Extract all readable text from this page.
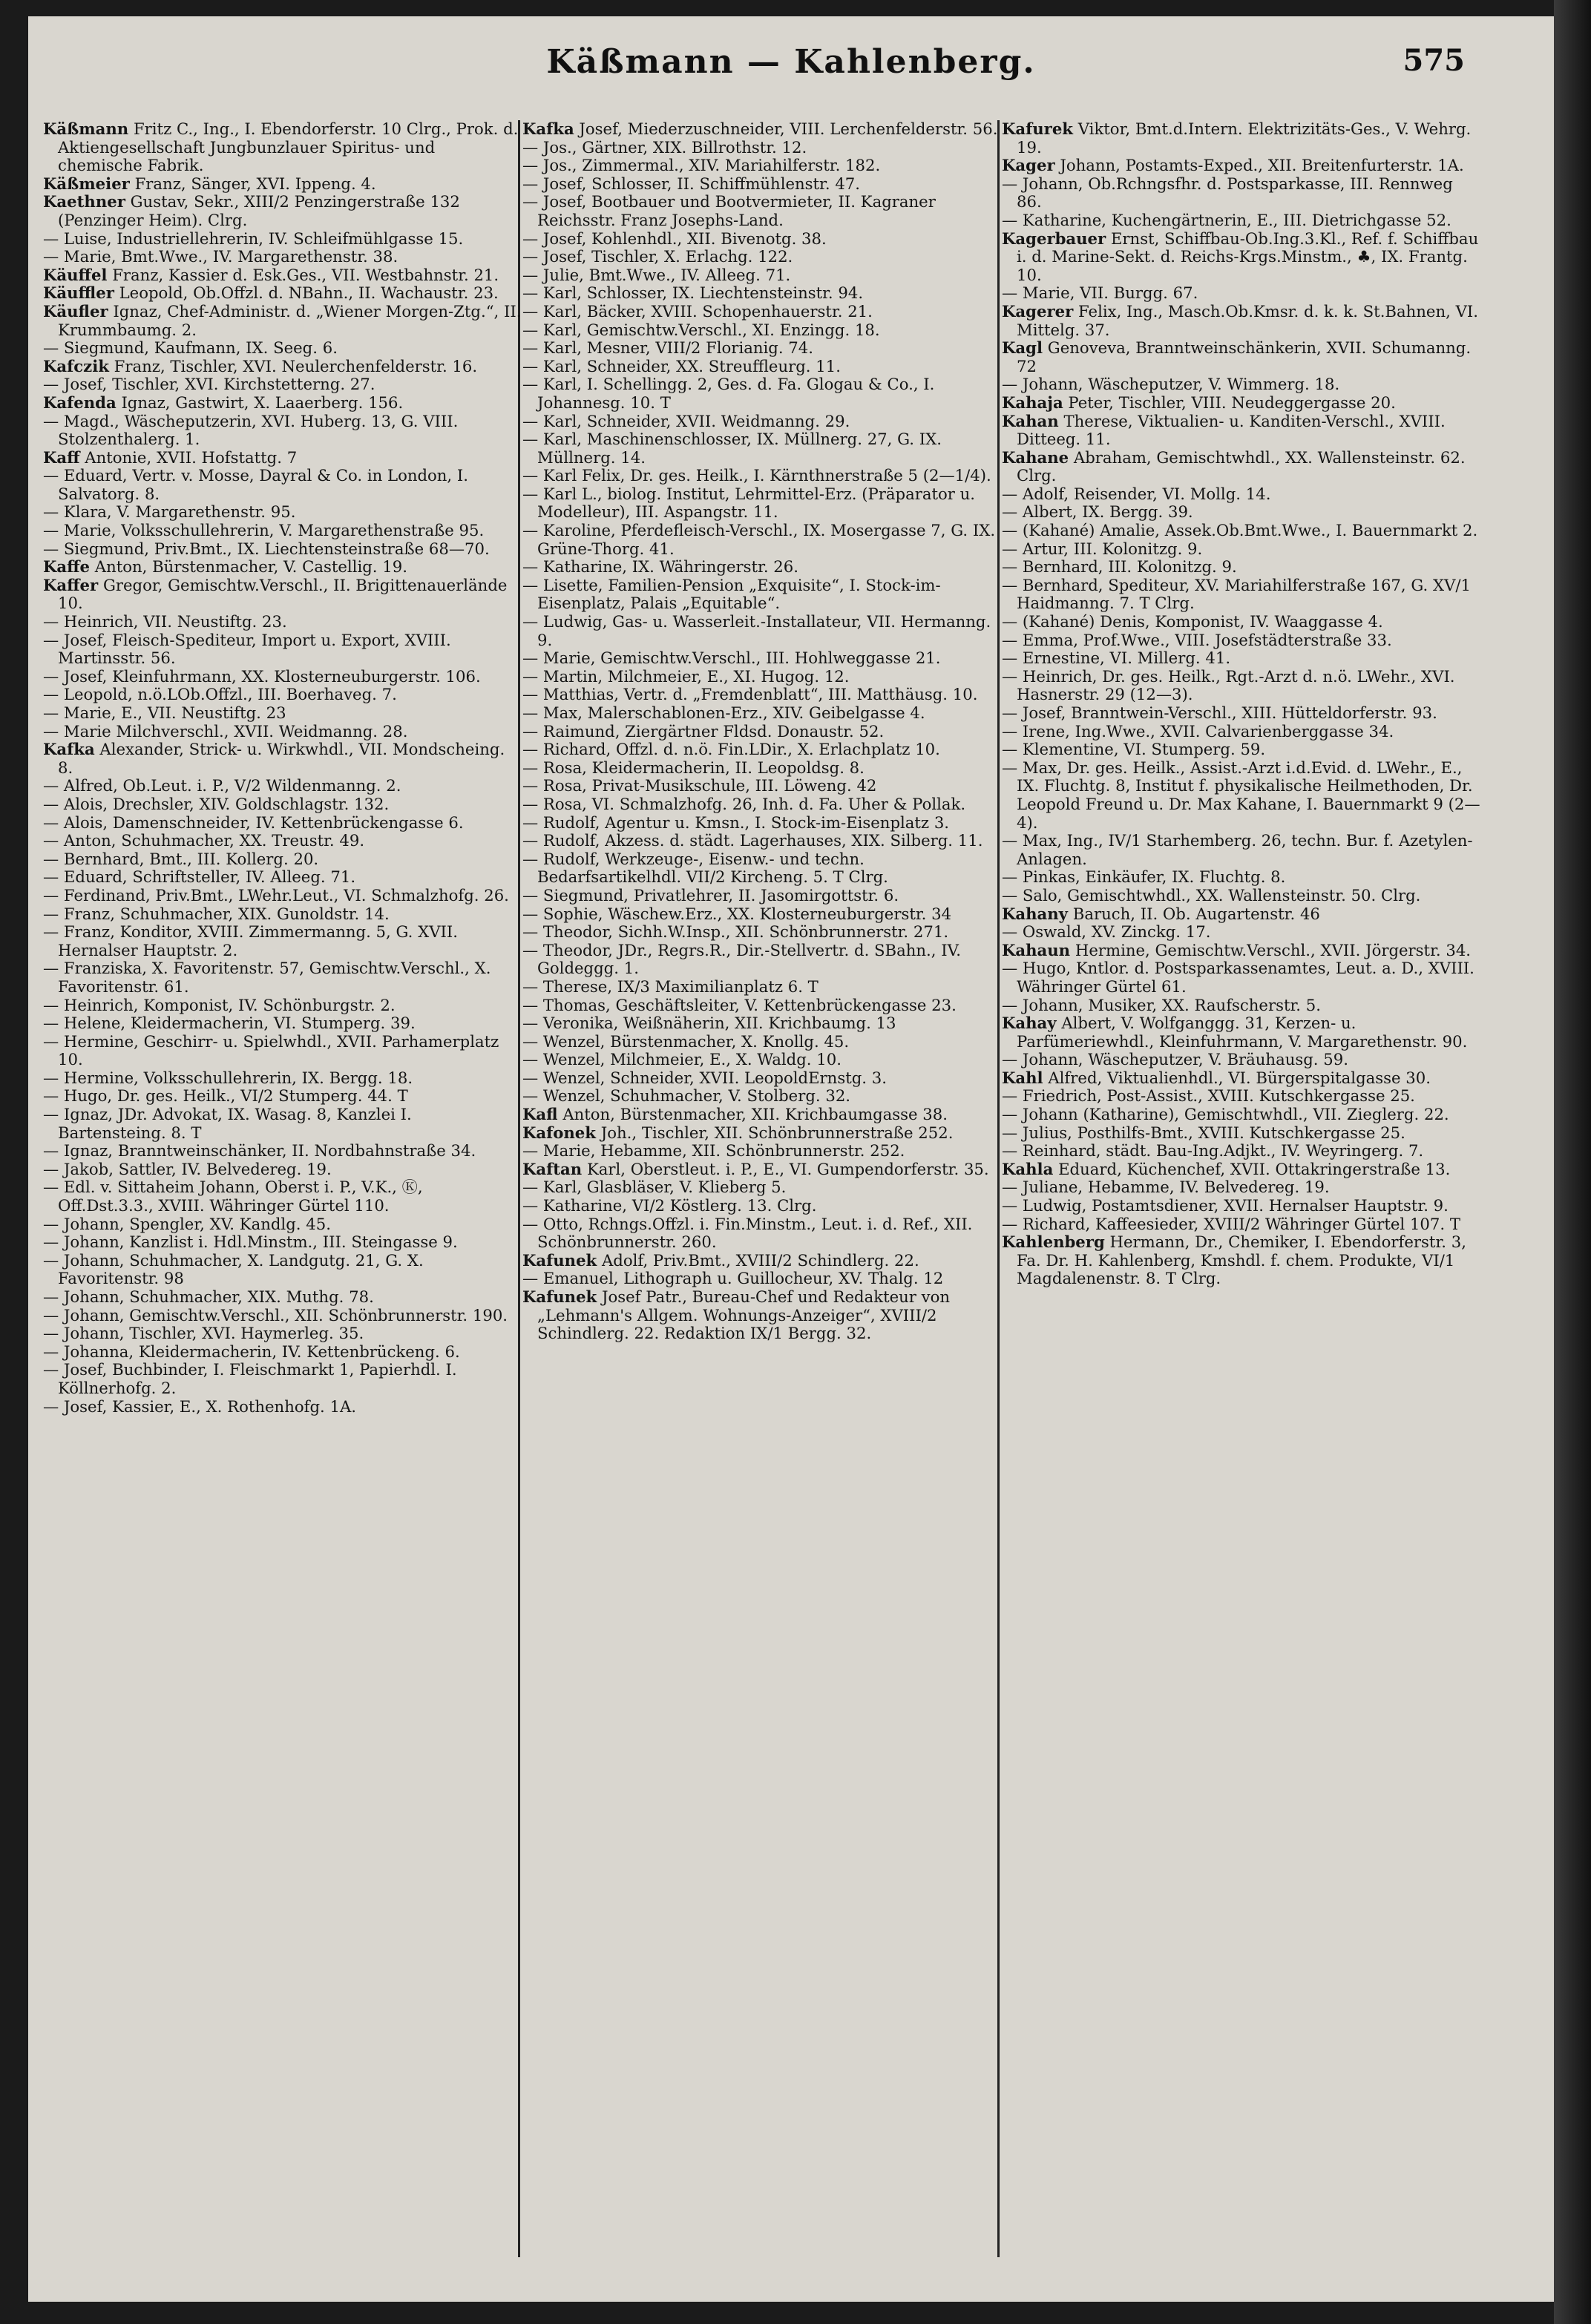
Käßmann — Kahlenberg.	575

Käßmann Fritz C., Ing., I. Ebendorferstr. 10 Clrg., Prok. d. Aktiengesellschaft Jungbunzlauer Spiritus- und chemische Fabrik.

Käßmeier Franz, Sänger, XVI. Ippeng. 4.

Kaethner Gustav, Sekr., XIII/2 Penzingerstraße 132 (Penzinger Heim). Clrg.

— Luise, Industriellehrerin, IV. Schleifmühlgasse 15.

— Marie, Bmt.Wwe., IV. Margarethenstr. 38.

Käuffel Franz, Kassier d. Esk.Ges., VII. Westbahnstr. 21.

Käuffler Leopold, Ob.Offzl. d. NBahn., II. Wachaustr. 23.

Käufler Ignaz, Chef-Administr. d. „Wiener Morgen-Ztg.“, II. Krummbaumg. 2.

— Siegmund, Kaufmann, IX. Seeg. 6.

Kafczik Franz, Tischler, XVI. Neulerchenfelderstr. 16.

— Josef, Tischler, XVI. Kirchstetterng. 27.

Kafenda Ignaz, Gastwirt, X. Laaerberg. 156.

— Magd., Wäscheputzerin, XVI. Huberg. 13, G. VIII. Stolzenthalerg. 1.

Kaff Antonie, XVII. Hofstattg. 7

— Eduard, Vertr. v. Mosse, Dayral & Co. in London, I. Salvatorg. 8.

— Klara, V. Margarethenstr. 95.

— Marie, Volksschullehrerin, V. Margarethenstraße 95.

— Siegmund, Priv.Bmt., IX. Liechtensteinstraße 68—70.

Kaffe Anton, Bürstenmacher, V. Castellig. 19.

Kaffer Gregor, Gemischtw.Verschl., II. Brigittenauerlände 10.

— Heinrich, VII. Neustiftg. 23.

— Josef, Fleisch-Spediteur, Import u. Export, XVIII. Martinsstr. 56.

— Josef, Kleinfuhrmann, XX. Klosterneuburgerstr. 106.

— Leopold, n.ö.LOb.Offzl., III. Boerhaveg. 7.

— Marie, E., VII. Neustiftg. 23

— Marie Milchverschl., XVII. Weidmanng. 28.

Kafka Alexander, Strick- u. Wirkwhdl., VII. Mondscheing. 8.

— Alfred, Ob.Leut. i. P., V/2 Wildenmanng. 2.

— Alois, Drechsler, XIV. Goldschlagstr. 132.

— Alois, Damenschneider, IV. Kettenbrückengasse 6.

— Anton, Schuhmacher, XX. Treustr. 49.

— Bernhard, Bmt., III. Kollerg. 20.

— Eduard, Schriftsteller, IV. Alleeg. 71.

— Ferdinand, Priv.Bmt., LWehr.Leut., VI. Schmalzhofg. 26.

— Franz, Schuhmacher, XIX. Gunoldstr. 14.

— Franz, Konditor, XVIII. Zimmermanng. 5, G. XVII. Hernalser Hauptstr. 2.

— Franziska, X. Favoritenstr. 57, Gemischtw.Verschl., X. Favoritenstr. 61.

— Heinrich, Komponist, IV. Schönburgstr. 2.

— Helene, Kleidermacherin, VI. Stumperg. 39.

— Hermine, Geschirr- u. Spielwhdl., XVII. Parhamerplatz 10.

— Hermine, Volksschullehrerin, IX. Bergg. 18.

— Hugo, Dr. ges. Heilk., VI/2 Stumperg. 44. T

— Ignaz, JDr. Advokat, IX. Wasag. 8, Kanzlei I. Bartensteing. 8. T

— Ignaz, Branntweinschänker, II. Nordbahnstraße 34.

— Jakob, Sattler, IV. Belvedereg. 19.

— Edl. v. Sittaheim Johann, Oberst i. P., V.K., Ⓚ, Off.Dst.3.3., XVIII. Währinger Gürtel 110.

— Johann, Spengler, XV. Kandlg. 45.

— Johann, Kanzlist i. Hdl.Minstm., III. Steingasse 9.

— Johann, Schuhmacher, X. Landgutg. 21, G. X. Favoritenstr. 98

— Johann, Schuhmacher, XIX. Muthg. 78.

— Johann, Gemischtw.Verschl., XII. Schönbrunnerstr. 190.

— Johann, Tischler, XVI. Haymerleg. 35.

— Johanna, Kleidermacherin, IV. Kettenbrückeng. 6.

— Josef, Buchbinder, I. Fleischmarkt 1, Papierhdl. I. Köllnerhofg. 2.

— Josef, Kassier, E., X. Rothenhofg. 1A.

Kafka Josef, Miederzuschneider, VIII. Lerchenfelderstr. 56.

— Jos., Gärtner, XIX. Billrothstr. 12.

— Jos., Zimmermal., XIV. Mariahilferstr. 182.

— Josef, Schlosser, II. Schiffmühlenstr. 47.

— Josef, Bootbauer und Bootvermieter, II. Kagraner Reichsstr. Franz Josephs-Land.

— Josef, Kohlenhdl., XII. Bivenotg. 38.

— Josef, Tischler, X. Erlachg. 122.

— Julie, Bmt.Wwe., IV. Alleeg. 71.

— Karl, Schlosser, IX. Liechtensteinstr. 94.

— Karl, Bäcker, XVIII. Schopenhauerstr. 21.

— Karl, Gemischtw.Verschl., XI. Enzingg. 18.

— Karl, Mesner, VIII/2 Florianig. 74.

— Karl, Schneider, XX. Streuffleurg. 11.

— Karl, I. Schellingg. 2, Ges. d. Fa. Glogau & Co., I. Johannesg. 10. T

— Karl, Schneider, XVII. Weidmanng. 29.

— Karl, Maschinenschlosser, IX. Müllnerg. 27, G. IX. Müllnerg. 14.

— Karl Felix, Dr. ges. Heilk., I. Kärnthnerstraße 5 (2—1/4).

— Karl L., biolog. Institut, Lehrmittel-Erz. (Präparator u. Modelleur), III. Aspangstr. 11.

— Karoline, Pferdefleisch-Verschl., IX. Mosergasse 7, G. IX. Grüne-Thorg. 41.

— Katharine, IX. Währingerstr. 26.

— Lisette, Familien-Pension „Exquisite“, I. Stock-im-Eisenplatz, Palais „Equitable“.

— Ludwig, Gas- u. Wasserleit.-Installateur, VII. Hermanng. 9.

— Marie, Gemischtw.Verschl., III. Hohlweggasse 21.

— Martin, Milchmeier, E., XI. Hugog. 12.

— Matthias, Vertr. d. „Fremdenblatt“, III. Matthäusg. 10.

— Max, Malerschablonen-Erz., XIV. Geibelgasse 4.

— Raimund, Ziergärtner Fldsd. Donaustr. 52.

— Richard, Offzl. d. n.ö. Fin.LDir., X. Erlachplatz 10.

— Rosa, Kleidermacherin, II. Leopoldsg. 8.

— Rosa, Privat-Musikschule, III. Löweng. 42

— Rosa, VI. Schmalzhofg. 26, Inh. d. Fa. Uher & Pollak.

— Rudolf, Agentur u. Kmsn., I. Stock-im-Eisenplatz 3.

— Rudolf, Akzess. d. städt. Lagerhauses, XIX. Silberg. 11.

— Rudolf, Werkzeuge-, Eisenw.- und techn. Bedarfsartikelhdl. VII/2 Kircheng. 5. T Clrg.

— Siegmund, Privatlehrer, II. Jasomirgottstr. 6.

— Sophie, Wäschew.Erz., XX. Klosterneuburgerstr. 34

— Theodor, Sichh.W.Insp., XII. Schönbrunnerstr. 271.

— Theodor, JDr., Regrs.R., Dir.-Stellvertr. d. SBahn., IV. Goldeggg. 1.

— Therese, IX/3 Maximilianplatz 6. T

— Thomas, Geschäftsleiter, V. Kettenbrückengasse 23.

— Veronika, Weißnäherin, XII. Krichbaumg. 13

— Wenzel, Bürstenmacher, X. Knollg. 45.

— Wenzel, Milchmeier, E., X. Waldg. 10.

— Wenzel, Schneider, XVII. LeopoldErnstg. 3.

— Wenzel, Schuhmacher, V. Stolberg. 32.

Kafl Anton, Bürstenmacher, XII. Krichbaumgasse 38.

Kafonek Joh., Tischler, XII. Schönbrunnerstraße 252.

— Marie, Hebamme, XII. Schönbrunnerstr. 252.

Kaftan Karl, Oberstleut. i. P., E., VI. Gumpendorferstr. 35.

— Karl, Glasbläser, V. Klieberg 5.

— Katharine, VI/2 Köstlerg. 13. Clrg.

— Otto, Rchngs.Offzl. i. Fin.Minstm., Leut. i. d. Ref., XII. Schönbrunnerstr. 260.

Kafunek Adolf, Priv.Bmt., XVIII/2 Schindlerg. 22.

— Emanuel, Lithograph u. Guillocheur, XV. Thalg. 12

Kafunek Josef Patr., Bureau-Chef und Redakteur von „Lehmann's Allgem. Wohnungs-Anzeiger“, XVIII/2 Schindlerg. 22. Redaktion IX/1 Bergg. 32.

Kafurek Viktor, Bmt.d.Intern. Elektrizitäts-Ges., V. Wehrg. 19.

Kager Johann, Postamts-Exped., XII. Breitenfurterstr. 1A.

— Johann, Ob.Rchngsfhr. d. Postsparkasse, III. Rennweg 86.

— Katharine, Kuchengärtnerin, E., III. Dietrichgasse 52.

Kagerbauer Ernst, Schiffbau-Ob.Ing.3.Kl., Ref. f. Schiffbau i. d. Marine-Sekt. d. Reichs-Krgs.Minstm., ♣, IX. Frantg. 10.

— Marie, VII. Burgg. 67.

Kagerer Felix, Ing., Masch.Ob.Kmsr. d. k. k. St.Bahnen, VI. Mittelg. 37.

Kagl Genoveva, Branntweinschänkerin, XVII. Schumanng. 72

— Johann, Wäscheputzer, V. Wimmerg. 18.

Kahaja Peter, Tischler, VIII. Neudeggergasse 20.

Kahan Therese, Viktualien- u. Kanditen-Verschl., XVIII. Ditteeg. 11.

Kahane Abraham, Gemischtwhdl., XX. Wallensteinstr. 62. Clrg.

— Adolf, Reisender, VI. Mollg. 14.

— Albert, IX. Bergg. 39.

— (Kahané) Amalie, Assek.Ob.Bmt.Wwe., I. Bauernmarkt 2.

— Artur, III. Kolonitzg. 9.

— Bernhard, III. Kolonitzg. 9.

— Bernhard, Spediteur, XV. Mariahilferstraße 167, G. XV/1 Haidmanng. 7. T Clrg.

— (Kahané) Denis, Komponist, IV. Waaggasse 4.

— Emma, Prof.Wwe., VIII. Josefstädterstraße 33.

— Ernestine, VI. Millerg. 41.

— Heinrich, Dr. ges. Heilk., Rgt.-Arzt d. n.ö. LWehr., XVI. Hasnerstr. 29 (12—3).

— Josef, Branntwein-Verschl., XIII. Hütteldorferstr. 93.

— Irene, Ing.Wwe., XVII. Calvarienberggasse 34.

— Klementine, VI. Stumperg. 59.

— Max, Dr. ges. Heilk., Assist.-Arzt i.d.Evid. d. LWehr., E., IX. Fluchtg. 8, Institut f. physikalische Heilmethoden, Dr. Leopold Freund u. Dr. Max Kahane, I. Bauernmarkt 9 (2—4).

— Max, Ing., IV/1 Starhemberg. 26, techn. Bur. f. Azetylen-Anlagen.

— Pinkas, Einkäufer, IX. Fluchtg. 8.

— Salo, Gemischtwhdl., XX. Wallensteinstr. 50. Clrg.

Kahany Baruch, II. Ob. Augartenstr. 46

— Oswald, XV. Zinckg. 17.

Kahaun Hermine, Gemischtw.Verschl., XVII. Jörgerstr. 34.

— Hugo, Kntlor. d. Postsparkassenamtes, Leut. a. D., XVIII. Währinger Gürtel 61.

— Johann, Musiker, XX. Raufscherstr. 5.

Kahay Albert, V. Wolfganggg. 31, Kerzen- u. Parfümeriewhdl., Kleinfuhrmann, V. Margarethenstr. 90.

— Johann, Wäscheputzer, V. Bräuhausg. 59.

Kahl Alfred, Viktualienhdl., VI. Bürgerspitalgasse 30.

— Friedrich, Post-Assist., XVIII. Kutschkergasse 25.

— Johann (Katharine), Gemischtwhdl., VII. Zieglerg. 22.

— Julius, Posthilfs-Bmt., XVIII. Kutschkergasse 25.

— Reinhard, städt. Bau-Ing.Adjkt., IV. Weyringerg. 7.

Kahla Eduard, Küchenchef, XVII. Ottakringerstraße 13.

— Juliane, Hebamme, IV. Belvedereg. 19.

— Ludwig, Postamtsdiener, XVII. Hernalser Hauptstr. 9.

— Richard, Kaffeesieder, XVIII/2 Währinger Gürtel 107. T

Kahlenberg Hermann, Dr., Chemiker, I. Ebendorferstr. 3, Fa. Dr. H. Kahlenberg, Kmshdl. f. chem. Produkte, VI/1 Magdalenenstr. 8. T Clrg.
